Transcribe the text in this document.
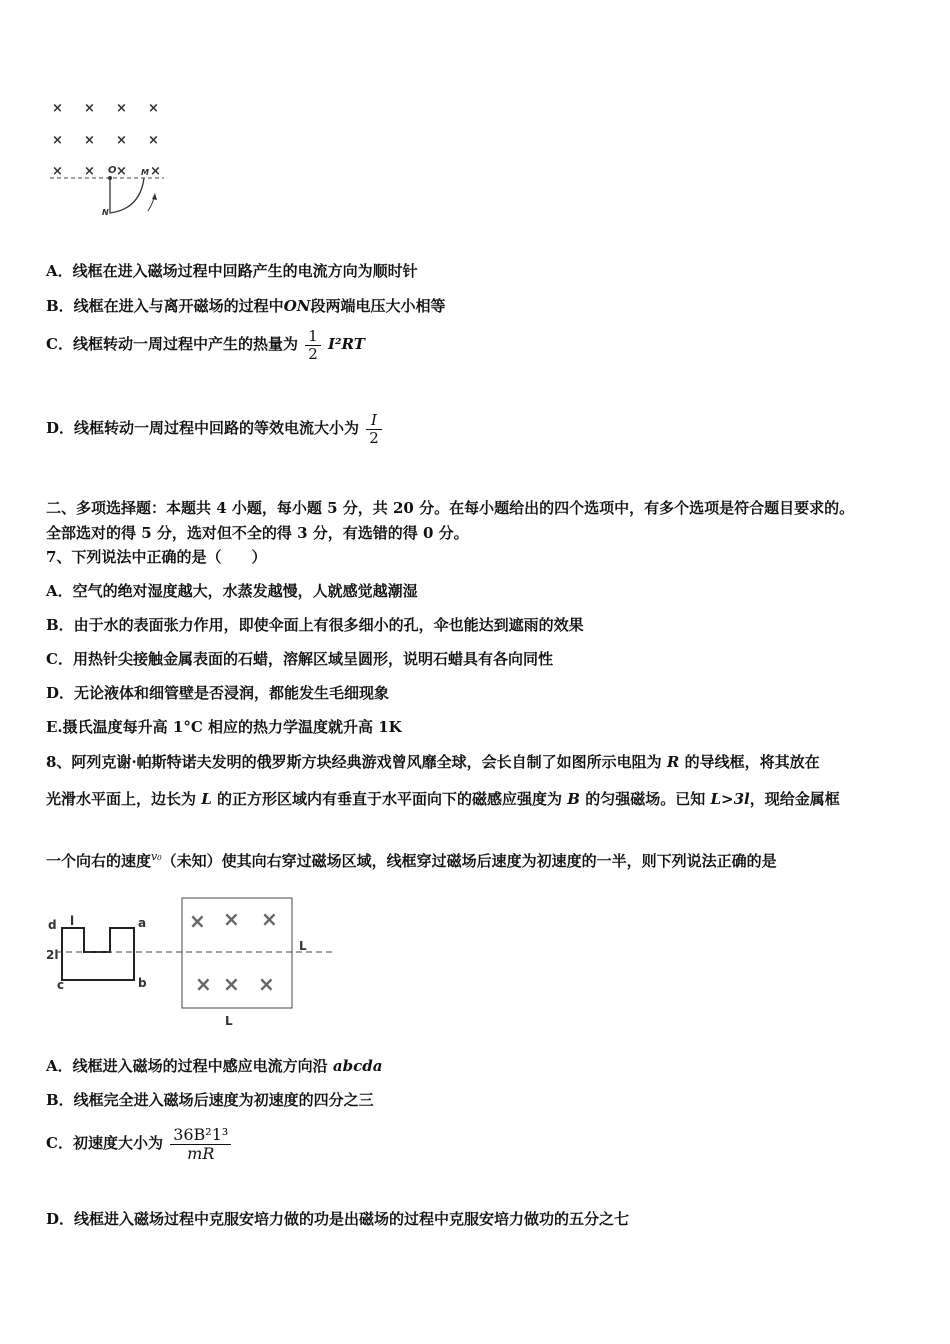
× × × ×
× × × ×
× × × ×
O	M
N
A．线框在进入磁场过程中回路产生的电流方向为顺时针
B．线框在进入与离开磁场的过程中ON段两端电压大小相等
C．线框转动一周过程中产生的热量为 $\frac{1}{2} I^2RT$
D．线框转动一周过程中回路的等效电流大小为 $\frac{I}{2}$
二、多项选择题：本题共 4 小题，每小题 5 分，共 20 分。在每小题给出的四个选项中，有多个选项是符合题目要求的。
全部选对的得 5 分，选对但不全的得 3 分，有选错的得 0 分。
7、下列说法中正确的是（　　）
A．空气的绝对湿度越大，水蒸发越慢，人就感觉越潮湿
B．由于水的表面张力作用，即使伞面上有很多细小的孔，伞也能达到遮雨的效果
C．用热针尖接触金属表面的石蜡，溶解区域呈圆形，说明石蜡具有各向同性
D．无论液体和细管壁是否浸润，都能发生毛细现象
E.摄氏温度每升高 1°C 相应的热力学温度就升高 1K
8、阿列克谢·帕斯特诺夫发明的俄罗斯方块经典游戏曾风靡全球，会长自制了如图所示电阻为 R 的导线框，将其放在
光滑水平面上，边长为 L 的正方形区域内有垂直于水平面向下的磁感应强度为 B 的匀强磁场。已知 L>3l，现给金属框
一个向右的速度$^{v_0}$（未知）使其向右穿过磁场区域，线框穿过磁场后速度为初速度的一半，则下列说法正确的是
d l	a
2l
c	b
L
L
× × ×
× × ×
A．线框进入磁场的过程中感应电流方向沿 abcda
B．线框完全进入磁场后速度为初速度的四分之三
C．初速度大小为 $\frac{\text{36B²1³}}{mR}$
D．线框进入磁场过程中克服安培力做的功是出磁场的过程中克服安培力做功的五分之七
